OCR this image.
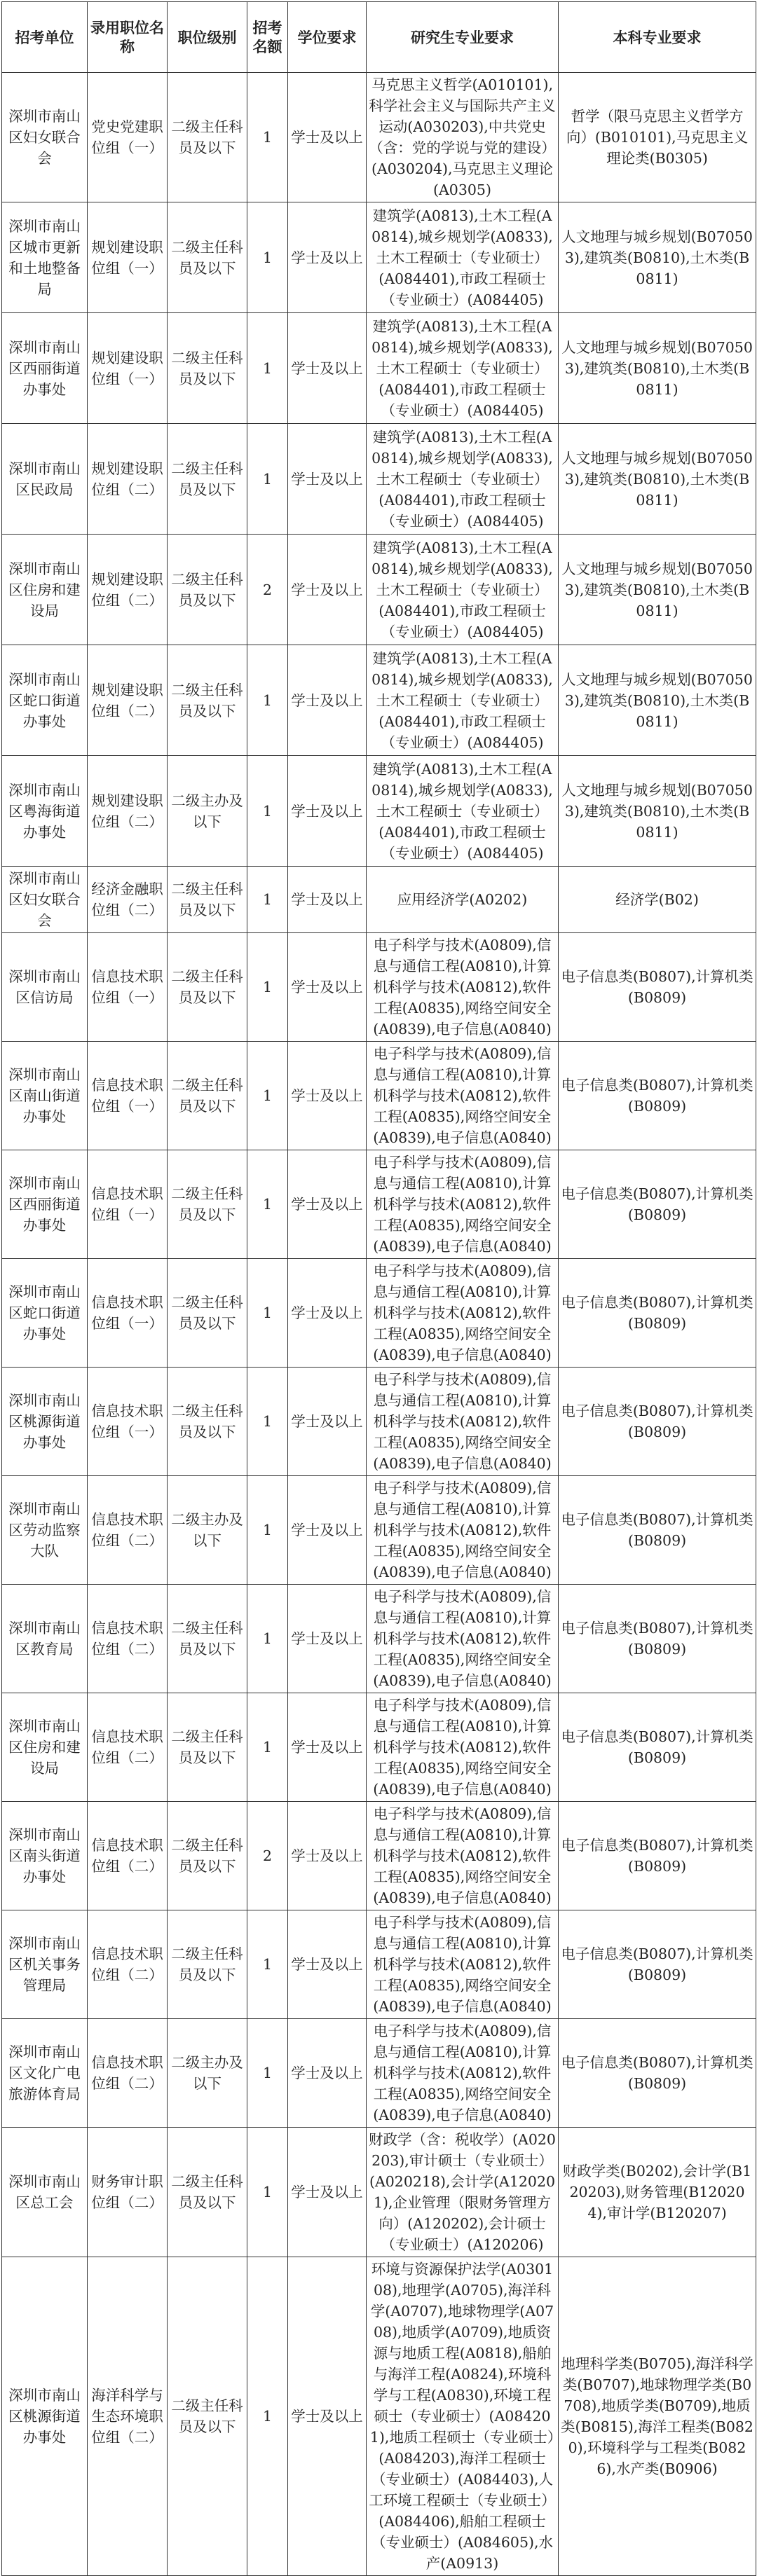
招考单位	录用职位名称	职位级别	招考名额	学位要求	研究生专业要求	本科专业要求
深圳市南山区妇女联合会	党史党建职位组（一）	二级主任科员及以下	1	学士及以上	马克思主义哲学(A010101),科学社会主义与国际共产主义运动(A030203),中共党史（含：党的学说与党的建设）(A030204),马克思主义理论(A0305)	哲学（限马克思主义哲学方向）(B010101),马克思主义理论类(B0305)
深圳市南山区城市更新和土地整备局	规划建设职位组（一）	二级主任科员及以下	1	学士及以上	建筑学(A0813),土木工程(A0814),城乡规划学(A0833),土木工程硕士（专业硕士）(A084401),市政工程硕士（专业硕士）(A084405)	人文地理与城乡规划(B070503),建筑类(B0810),土木类(B0811)
深圳市南山区西丽街道办事处	规划建设职位组（一）	二级主任科员及以下	1	学士及以上	建筑学(A0813),土木工程(A0814),城乡规划学(A0833),土木工程硕士（专业硕士）(A084401),市政工程硕士（专业硕士）(A084405)	人文地理与城乡规划(B070503),建筑类(B0810),土木类(B0811)
深圳市南山区民政局	规划建设职位组（二）	二级主任科员及以下	1	学士及以上	建筑学(A0813),土木工程(A0814),城乡规划学(A0833),土木工程硕士（专业硕士）(A084401),市政工程硕士（专业硕士）(A084405)	人文地理与城乡规划(B070503),建筑类(B0810),土木类(B0811)
深圳市南山区住房和建设局	规划建设职位组（二）	二级主任科员及以下	2	学士及以上	建筑学(A0813),土木工程(A0814),城乡规划学(A0833),土木工程硕士（专业硕士）(A084401),市政工程硕士（专业硕士）(A084405)	人文地理与城乡规划(B070503),建筑类(B0810),土木类(B0811)
深圳市南山区蛇口街道办事处	规划建设职位组（二）	二级主任科员及以下	1	学士及以上	建筑学(A0813),土木工程(A0814),城乡规划学(A0833),土木工程硕士（专业硕士）(A084401),市政工程硕士（专业硕士）(A084405)	人文地理与城乡规划(B070503),建筑类(B0810),土木类(B0811)
深圳市南山区粤海街道办事处	规划建设职位组（二）	二级主办及以下	1	学士及以上	建筑学(A0813),土木工程(A0814),城乡规划学(A0833),土木工程硕士（专业硕士）(A084401),市政工程硕士（专业硕士）(A084405)	人文地理与城乡规划(B070503),建筑类(B0810),土木类(B0811)
深圳市南山区妇女联合会	经济金融职位组（二）	二级主任科员及以下	1	学士及以上	应用经济学(A0202)	经济学(B02)
深圳市南山区信访局	信息技术职位组（一）	二级主任科员及以下	1	学士及以上	电子科学与技术(A0809),信息与通信工程(A0810),计算机科学与技术(A0812),软件工程(A0835),网络空间安全(A0839),电子信息(A0840)	电子信息类(B0807),计算机类(B0809)
深圳市南山区南山街道办事处	信息技术职位组（一）	二级主任科员及以下	1	学士及以上	电子科学与技术(A0809),信息与通信工程(A0810),计算机科学与技术(A0812),软件工程(A0835),网络空间安全(A0839),电子信息(A0840)	电子信息类(B0807),计算机类(B0809)
深圳市南山区西丽街道办事处	信息技术职位组（一）	二级主任科员及以下	1	学士及以上	电子科学与技术(A0809),信息与通信工程(A0810),计算机科学与技术(A0812),软件工程(A0835),网络空间安全(A0839),电子信息(A0840)	电子信息类(B0807),计算机类(B0809)
深圳市南山区蛇口街道办事处	信息技术职位组（一）	二级主任科员及以下	1	学士及以上	电子科学与技术(A0809),信息与通信工程(A0810),计算机科学与技术(A0812),软件工程(A0835),网络空间安全(A0839),电子信息(A0840)	电子信息类(B0807),计算机类(B0809)
深圳市南山区桃源街道办事处	信息技术职位组（一）	二级主任科员及以下	1	学士及以上	电子科学与技术(A0809),信息与通信工程(A0810),计算机科学与技术(A0812),软件工程(A0835),网络空间安全(A0839),电子信息(A0840)	电子信息类(B0807),计算机类(B0809)
深圳市南山区劳动监察大队	信息技术职位组（二）	二级主办及以下	1	学士及以上	电子科学与技术(A0809),信息与通信工程(A0810),计算机科学与技术(A0812),软件工程(A0835),网络空间安全(A0839),电子信息(A0840)	电子信息类(B0807),计算机类(B0809)
深圳市南山区教育局	信息技术职位组（二）	二级主任科员及以下	1	学士及以上	电子科学与技术(A0809),信息与通信工程(A0810),计算机科学与技术(A0812),软件工程(A0835),网络空间安全(A0839),电子信息(A0840)	电子信息类(B0807),计算机类(B0809)
深圳市南山区住房和建设局	信息技术职位组（二）	二级主任科员及以下	1	学士及以上	电子科学与技术(A0809),信息与通信工程(A0810),计算机科学与技术(A0812),软件工程(A0835),网络空间安全(A0839),电子信息(A0840)	电子信息类(B0807),计算机类(B0809)
深圳市南山区南头街道办事处	信息技术职位组（二）	二级主任科员及以下	2	学士及以上	电子科学与技术(A0809),信息与通信工程(A0810),计算机科学与技术(A0812),软件工程(A0835),网络空间安全(A0839),电子信息(A0840)	电子信息类(B0807),计算机类(B0809)
深圳市南山区机关事务管理局	信息技术职位组（二）	二级主任科员及以下	1	学士及以上	电子科学与技术(A0809),信息与通信工程(A0810),计算机科学与技术(A0812),软件工程(A0835),网络空间安全(A0839),电子信息(A0840)	电子信息类(B0807),计算机类(B0809)
深圳市南山区文化广电旅游体育局	信息技术职位组（二）	二级主办及以下	1	学士及以上	电子科学与技术(A0809),信息与通信工程(A0810),计算机科学与技术(A0812),软件工程(A0835),网络空间安全(A0839),电子信息(A0840)	电子信息类(B0807),计算机类(B0809)
深圳市南山区总工会	财务审计职位组（二）	二级主任科员及以下	1	学士及以上	财政学（含：税收学）(A020203),审计硕士（专业硕士）(A020218),会计学(A120201),企业管理（限财务管理方向）(A120202),会计硕士（专业硕士）(A120206)	财政学类(B0202),会计学(B120203),财务管理(B120204),审计学(B120207)
深圳市南山区桃源街道办事处	海洋科学与生态环境职位组（二）	二级主任科员及以下	1	学士及以上	环境与资源保护法学(A030108),地理学(A0705),海洋科学(A0707),地球物理学(A0708),地质学(A0709),地质资源与地质工程(A0818),船舶与海洋工程(A0824),环境科学与工程(A0830),环境工程硕士（专业硕士）(A084201),地质工程硕士（专业硕士）(A084203),海洋工程硕士（专业硕士）(A084403),人工环境工程硕士（专业硕士）(A084406),船舶工程硕士（专业硕士）(A084605),水产(A0913)	地理科学类(B0705),海洋科学类(B0707),地球物理学类(B0708),地质学类(B0709),地质类(B0815),海洋工程类(B0820),环境科学与工程类(B0826),水产类(B0906)
